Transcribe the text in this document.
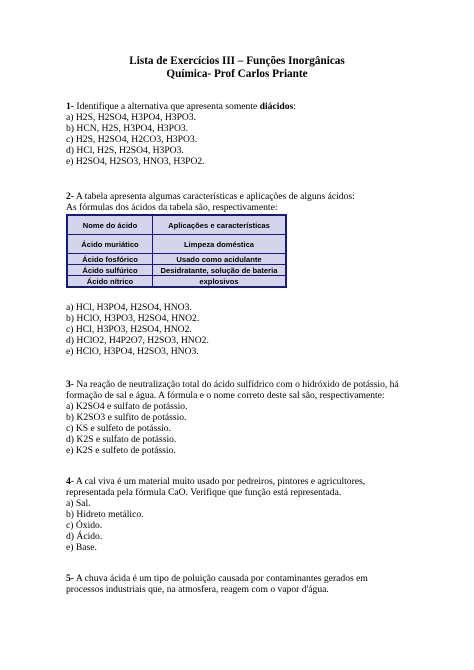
Lista de Exercícios III – Funções Inorgânicas
Química- Prof Carlos Priante

1- Identifique a alternativa que apresenta somente diácidos:

a) H2S, H2SO4, H3PO4, H3PO3.

b) HCN, H2S, H3PO4, H3PO3.

c) H2S, H2SO4, H2CO3, H3PO3.

d) HCl, H2S, H2SO4, H3PO3.

e) H2SO4, H2SO3, HNO3, H3PO2.

2- A tabela apresenta algumas características e aplicações de alguns ácidos:

As fórmulas dos ácidos da tabela são, respectivamente:

Nome do ácido	Aplicações e características
Ácido muriático	Limpeza doméstica
Ácido fosfórico	Usado como acidulante
Ácido sulfúrico	Desidratante, solução de bateria
Ácido nítrico	explosivos

a) HCl, H3PO4, H2SO4, HNO3.

b) HClO, H3PO3, H2SO4, HNO2.

c) HCl, H3PO3, H2SO4, HNO2.

d) HClO2, H4P2O7, H2SO3, HNO2.

e) HClO, H3PO4, H2SO3, HNO3.

3- Na reação de neutralização total do ácido sulfídrico com o hidróxido de potássio, há

formação de sal e água. A fórmula e o nome correto deste sal são, respectivamente:

a) K2SO4 e sulfato de potássio.

b) K2SO3 e sulfito de potássio.

c) KS e sulfeto de potássio.

d) K2S e sulfato de potássio.

e) K2S e sulfeto de potássio.

4- A cal viva é um material muito usado por pedreiros, pintores e agricultores,

representada pela fórmula CaO. Verifique que função está representada.

a) Sal.

b) Hidreto metálico.

c) Óxido.

d) Ácido.

e) Base.

5- A chuva ácida é um tipo de poluição causada por contaminantes gerados em

processos industriais que, na atmosfera, reagem com o vapor d'água.
